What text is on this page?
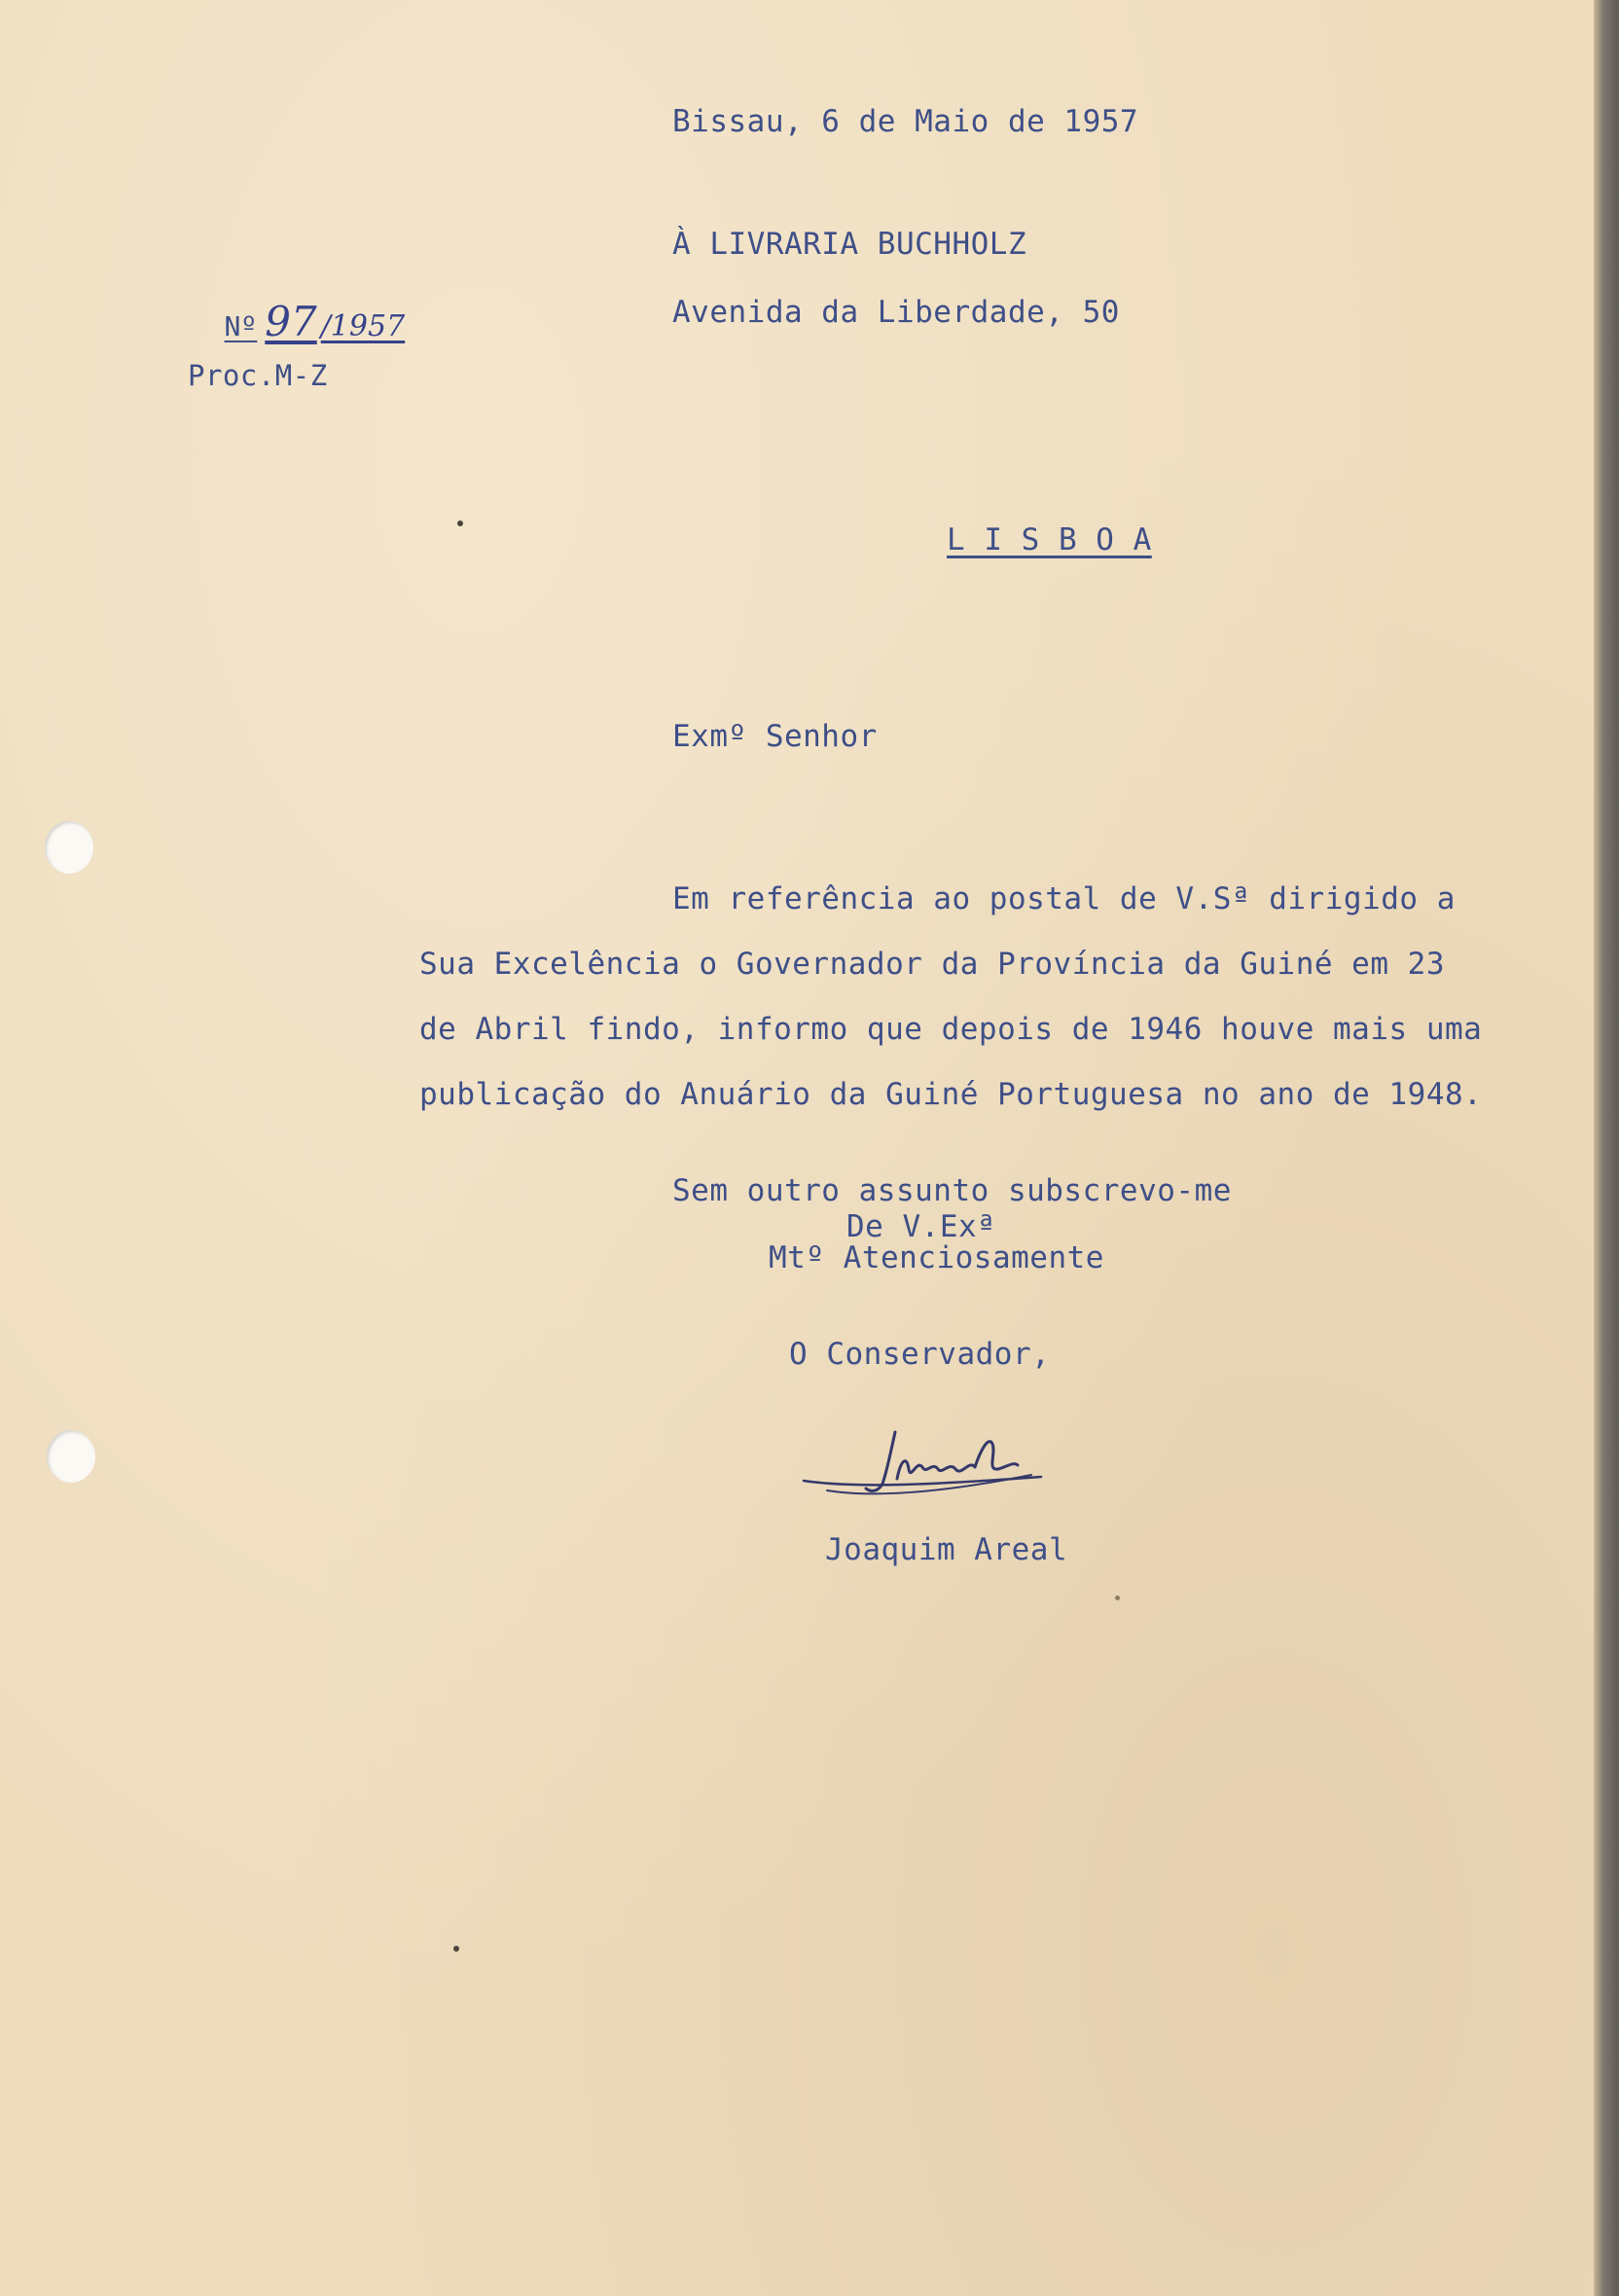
Bissau, 6 de Maio de 1957
À LIVRARIA BUCHHOLZ
Avenida da Liberdade, 50

Nº 97 /1957

Proc.M-Z
L I S B O A
Exmº Senhor
Em referência ao postal de V.Sª dirigido a
Sua Excelência o Governador da Província da Guiné em 23
de Abril findo, informo que depois de 1946 houve mais uma
publicação do Anuário da Guiné Portuguesa no ano de 1948.
Sem outro assunto subscrevo-me
De V.Exª
Mtº Atenciosamente
O Conservador,
Joaquim Areal
